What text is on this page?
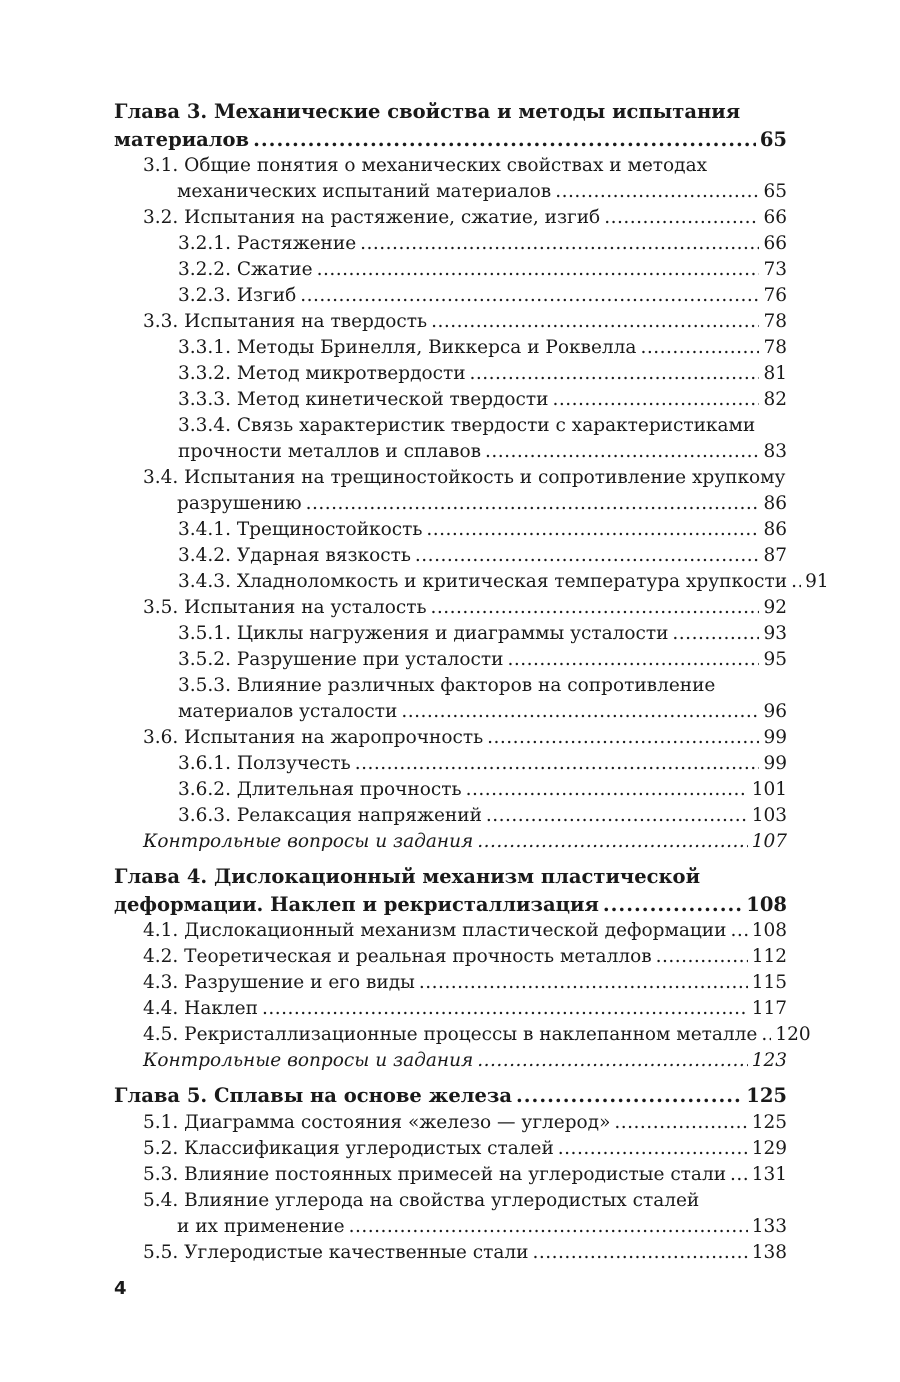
Глава 3. Механические свойства и методы испытания
материалов .....	65
3.1. Общие понятия о механических свойствах и методах
механических испытаний материалов .....	65
3.2. Испытания на растяжение, сжатие, изгиб .....	66
3.2.1. Растяжение .....	66
3.2.2. Сжатие .....	73
3.2.3. Изгиб .....	76
3.3. Испытания на твердость .....	78
3.3.1. Методы Бринелля, Виккерса и Роквелла .....	78
3.3.2. Метод микротвердости .....	81
3.3.3. Метод кинетической твердости .....	82
3.3.4. Связь характеристик твердости с характеристиками
прочности металлов и сплавов .....	83
3.4. Испытания на трещиностойкость и сопротивление хрупкому
разрушению .....	86
3.4.1. Трещиностойкость .....	86
3.4.2. Ударная вязкость .....	87
3.4.3. Хладноломкость и критическая температура хрупкости ..... 91
3.5. Испытания на усталость .....	92
3.5.1. Циклы нагружения и диаграммы усталости .....	93
3.5.2. Разрушение при усталости .....	95
3.5.3. Влияние различных факторов на сопротивление
материалов усталости .....	96
3.6. Испытания на жаропрочность .....	99
3.6.1. Ползучесть .....	99
3.6.2. Длительная прочность .....	101
3.6.3. Релаксация напряжений .....	103
Контрольные вопросы и задания .....	107
Глава 4. Дислокационный механизм пластической
деформации. Наклеп и рекристаллизация .....	108
4.1. Дислокационный механизм пластической деформации ..... 108
4.2. Теоретическая и реальная прочность металлов .....	112
4.3. Разрушение и его виды .....	115
4.4. Наклеп .....	117
4.5. Рекристаллизационные процессы в наклепанном металле ..... 120
Контрольные вопросы и задания .....	123
Глава 5. Сплавы на основе железа .....	125
5.1. Диаграмма состояния «железо — углерод» .....	125
5.2. Классификация углеродистых сталей .....	129
5.3. Влияние постоянных примесей на углеродистые стали ..... 131
5.4. Влияние углерода на свойства углеродистых сталей
и их применение .....	133
5.5. Углеродистые качественные стали .....	138
4
